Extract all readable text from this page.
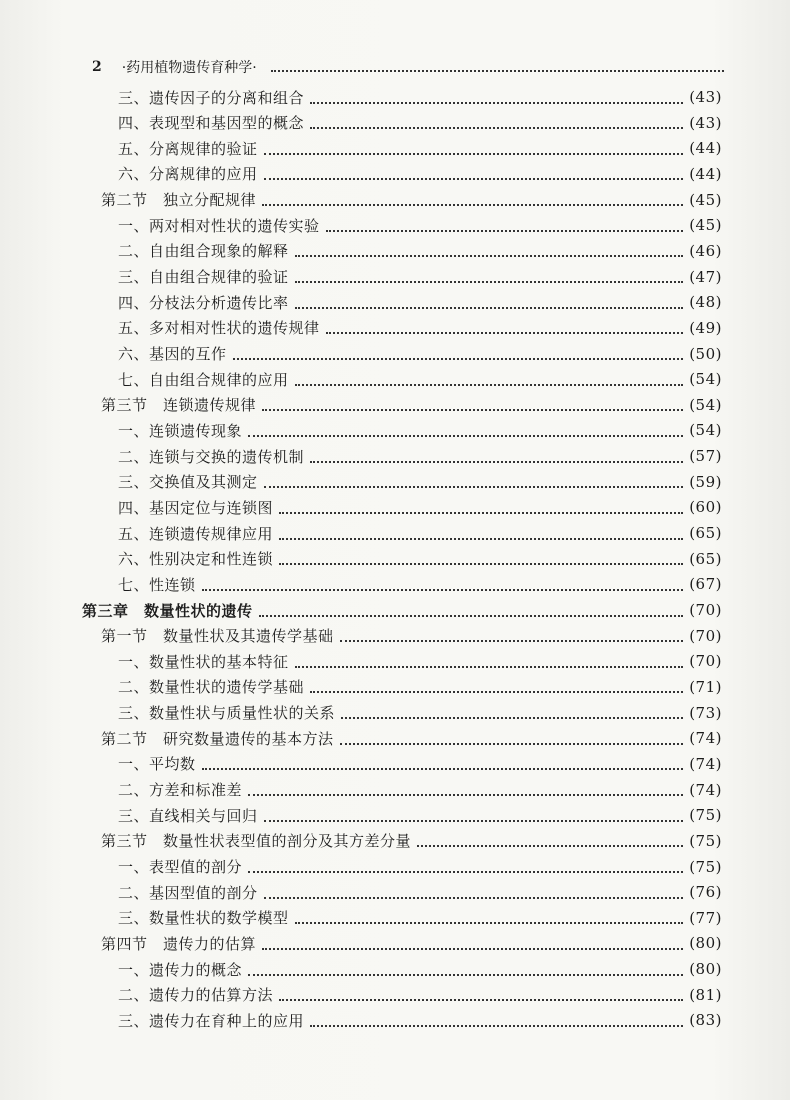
2 ·药用植物遗传育种学·
三、遗传因子的分离和组合	(43)
四、表现型和基因型的概念	(43)
五、分离规律的验证	(44)
六、分离规律的应用	(44)
第二节　独立分配规律	(45)
一、两对相对性状的遗传实验	(45)
二、自由组合现象的解释	(46)
三、自由组合规律的验证	(47)
四、分枝法分析遗传比率	(48)
五、多对相对性状的遗传规律	(49)
六、基因的互作	(50)
七、自由组合规律的应用	(54)
第三节　连锁遗传规律	(54)
一、连锁遗传现象	(54)
二、连锁与交换的遗传机制	(57)
三、交换值及其测定	(59)
四、基因定位与连锁图	(60)
五、连锁遗传规律应用	(65)
六、性别决定和性连锁	(65)
七、性连锁	(67)
第三章　数量性状的遗传	(70)
第一节　数量性状及其遗传学基础	(70)
一、数量性状的基本特征	(70)
二、数量性状的遗传学基础	(71)
三、数量性状与质量性状的关系	(73)
第二节　研究数量遗传的基本方法	(74)
一、平均数	(74)
二、方差和标准差	(74)
三、直线相关与回归	(75)
第三节　数量性状表型值的剖分及其方差分量	(75)
一、表型值的剖分	(75)
二、基因型值的剖分	(76)
三、数量性状的数学模型	(77)
第四节　遗传力的估算	(80)
一、遗传力的概念	(80)
二、遗传力的估算方法	(81)
三、遗传力在育种上的应用	(83)
